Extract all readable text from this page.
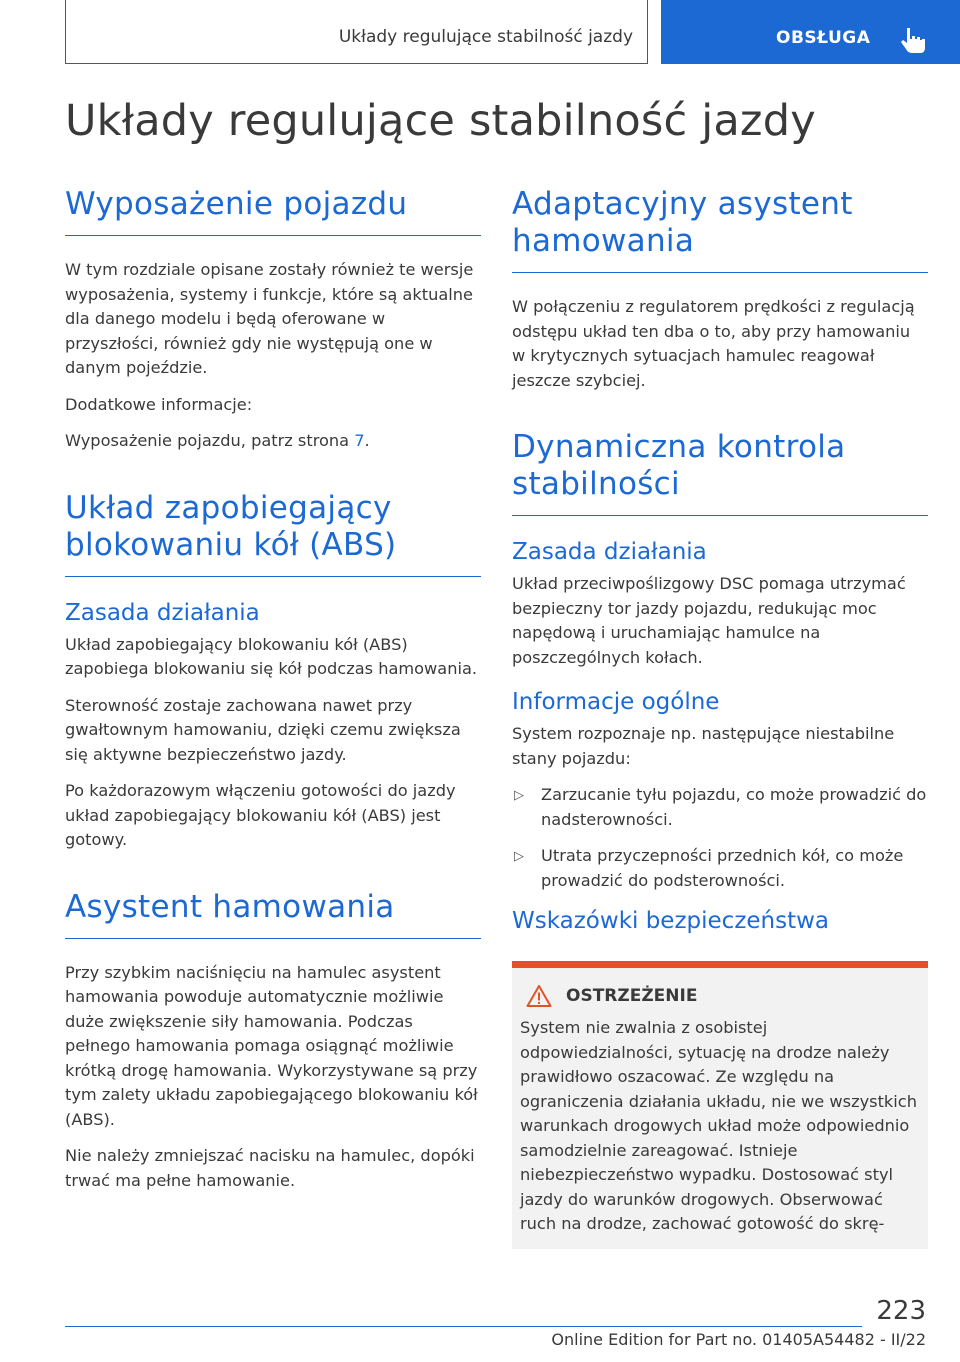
Układy regulujące stabilność jazdy	OBSŁUGA
Układy regulujące stabilność jazdy
Wyposażenie pojazdu

W tym rozdziale opisane zostały również te wersje wyposażenia, systemy i funkcje, które są aktualne dla danego modelu i będą oferowane w przyszłości, również gdy nie występują one w danym pojeździe.

Dodatkowe informacje:

Wyposażenie pojazdu, patrz strona 7.

Układ zapobiegający blokowaniu kół (ABS)
Zasada działania

Układ zapobiegający blokowaniu kół (ABS) zapobiega blokowaniu się kół podczas hamowania.

Sterowność zostaje zachowana nawet przy gwałtownym hamowaniu, dzięki czemu zwiększa się aktywne bezpieczeństwo jazdy.

Po każdorazowym włączeniu gotowości do jazdy układ zapobiegający blokowaniu kół (ABS) jest gotowy.

Asystent hamowania

Przy szybkim naciśnięciu na hamulec asystent hamowania powoduje automatycznie możliwie duże zwiększenie siły hamowania. Podczas pełnego hamowania pomaga osiągnąć możliwie krótką drogę hamowania. Wykorzystywane są przy tym zalety układu zapobiegającego blokowaniu kół (ABS).

Nie należy zmniejszać nacisku na hamulec, dopóki trwać ma pełne hamowanie.

Adaptacyjny asystent hamowania

W połączeniu z regulatorem prędkości z regulacją odstępu układ ten dba o to, aby przy hamowaniu w krytycznych sytuacjach hamulec reagował jeszcze szybciej.

Dynamiczna kontrola stabilności
Zasada działania

Układ przeciwpoślizgowy DSC pomaga utrzymać bezpieczny tor jazdy pojazdu, redukując moc napędową i uruchamiając hamulce na poszczególnych kołach.

Informacje ogólne

System rozpoznaje np. następujące niestabilne stany pojazdu:

▷ Zarzucanie tyłu pojazdu, co może prowadzić do nadsterowności.
▷ Utrata przyczepności przednich kół, co może prowadzić do podsterowności.
Wskazówki bezpieczeństwa
OSTRZEŻENIE

System nie zwalnia z osobistej odpowiedzialności, sytuację na drodze należy prawidłowo oszacować. Ze względu na ograniczenia działania układu, nie we wszystkich warunkach drogowych układ może odpowiednio samodzielnie zareagować. Istnieje niebezpieczeństwo wypadku. Dostosować styl jazdy do warunków drogowych. Obserwować ruch na drodze, zachować gotowość do skrę-

223
Online Edition for Part no. 01405A54482 - II/22
